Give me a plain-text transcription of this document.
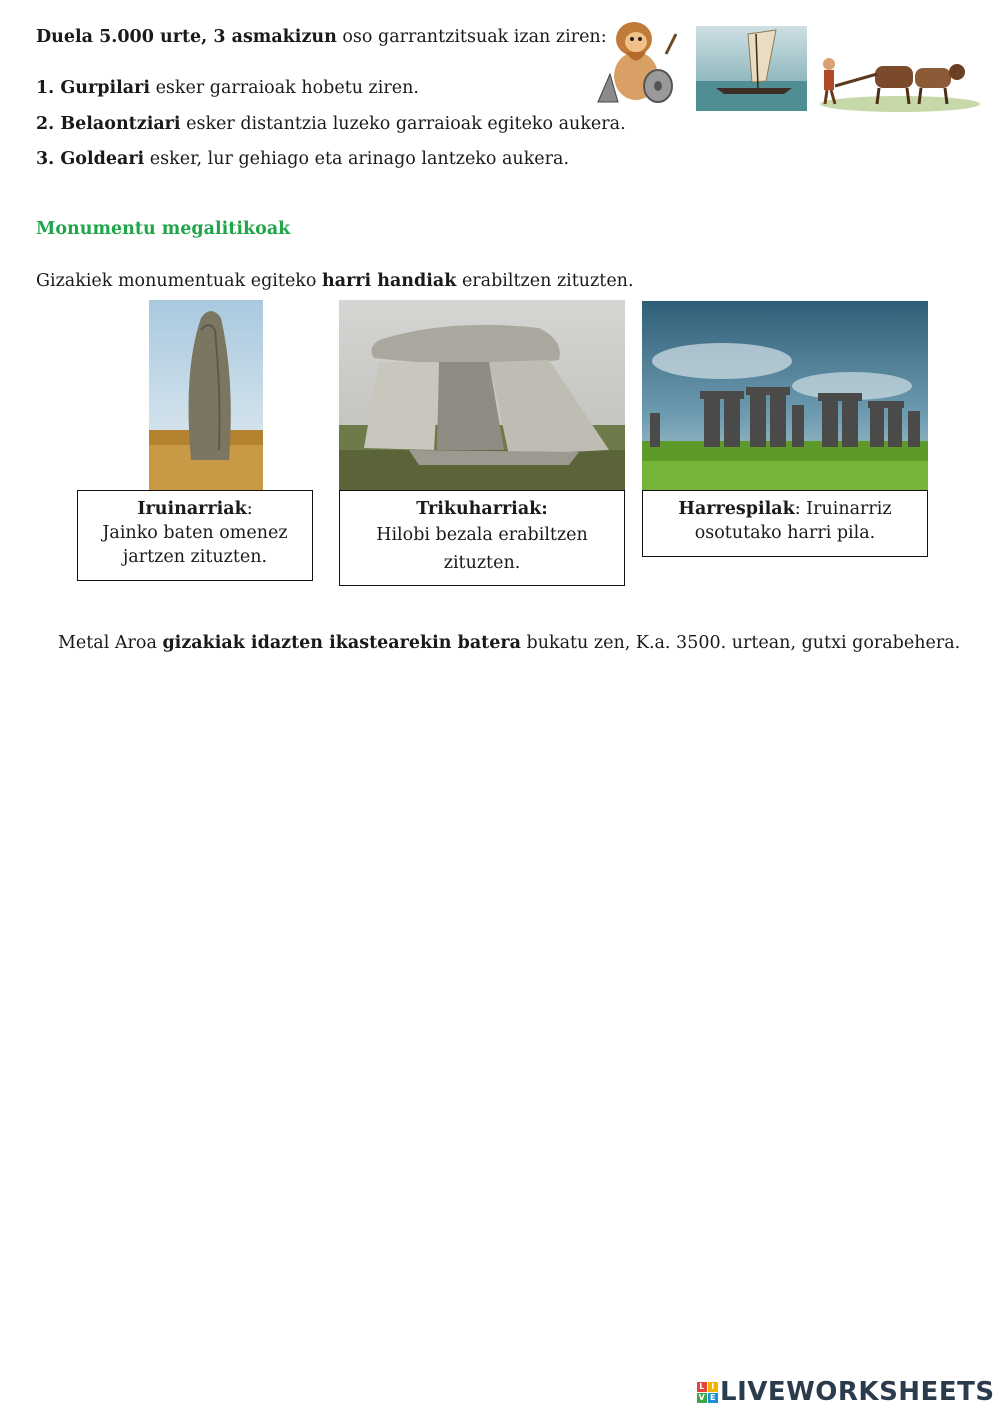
Duela 5.000 urte, 3 asmakizun oso garrantzitsuak izan ziren:
1. Gurpilari esker garraioak hobetu ziren.
2. Belaontziari esker distantzia luzeko garraioak egiteko aukera.
3. Goldeari esker, lur gehiago eta arinago lantzeko aukera.
Monumentu megalitikoak
Gizakiek monumentuak egiteko harri handiak erabiltzen zituzten.
Iruinarriak:
Jainko baten omenez jartzen zituzten.
Trikuharriak:
Hilobi bezala erabiltzen zituzten.
Harrespilak: Iruinarriz
osotutako harri pila.
Metal Aroa gizakiak idazten ikastearekin batera bukatu zen, K.a. 3500. urtean, gutxi gorabehera.
L I
V E LIVEWORKSHEETS
